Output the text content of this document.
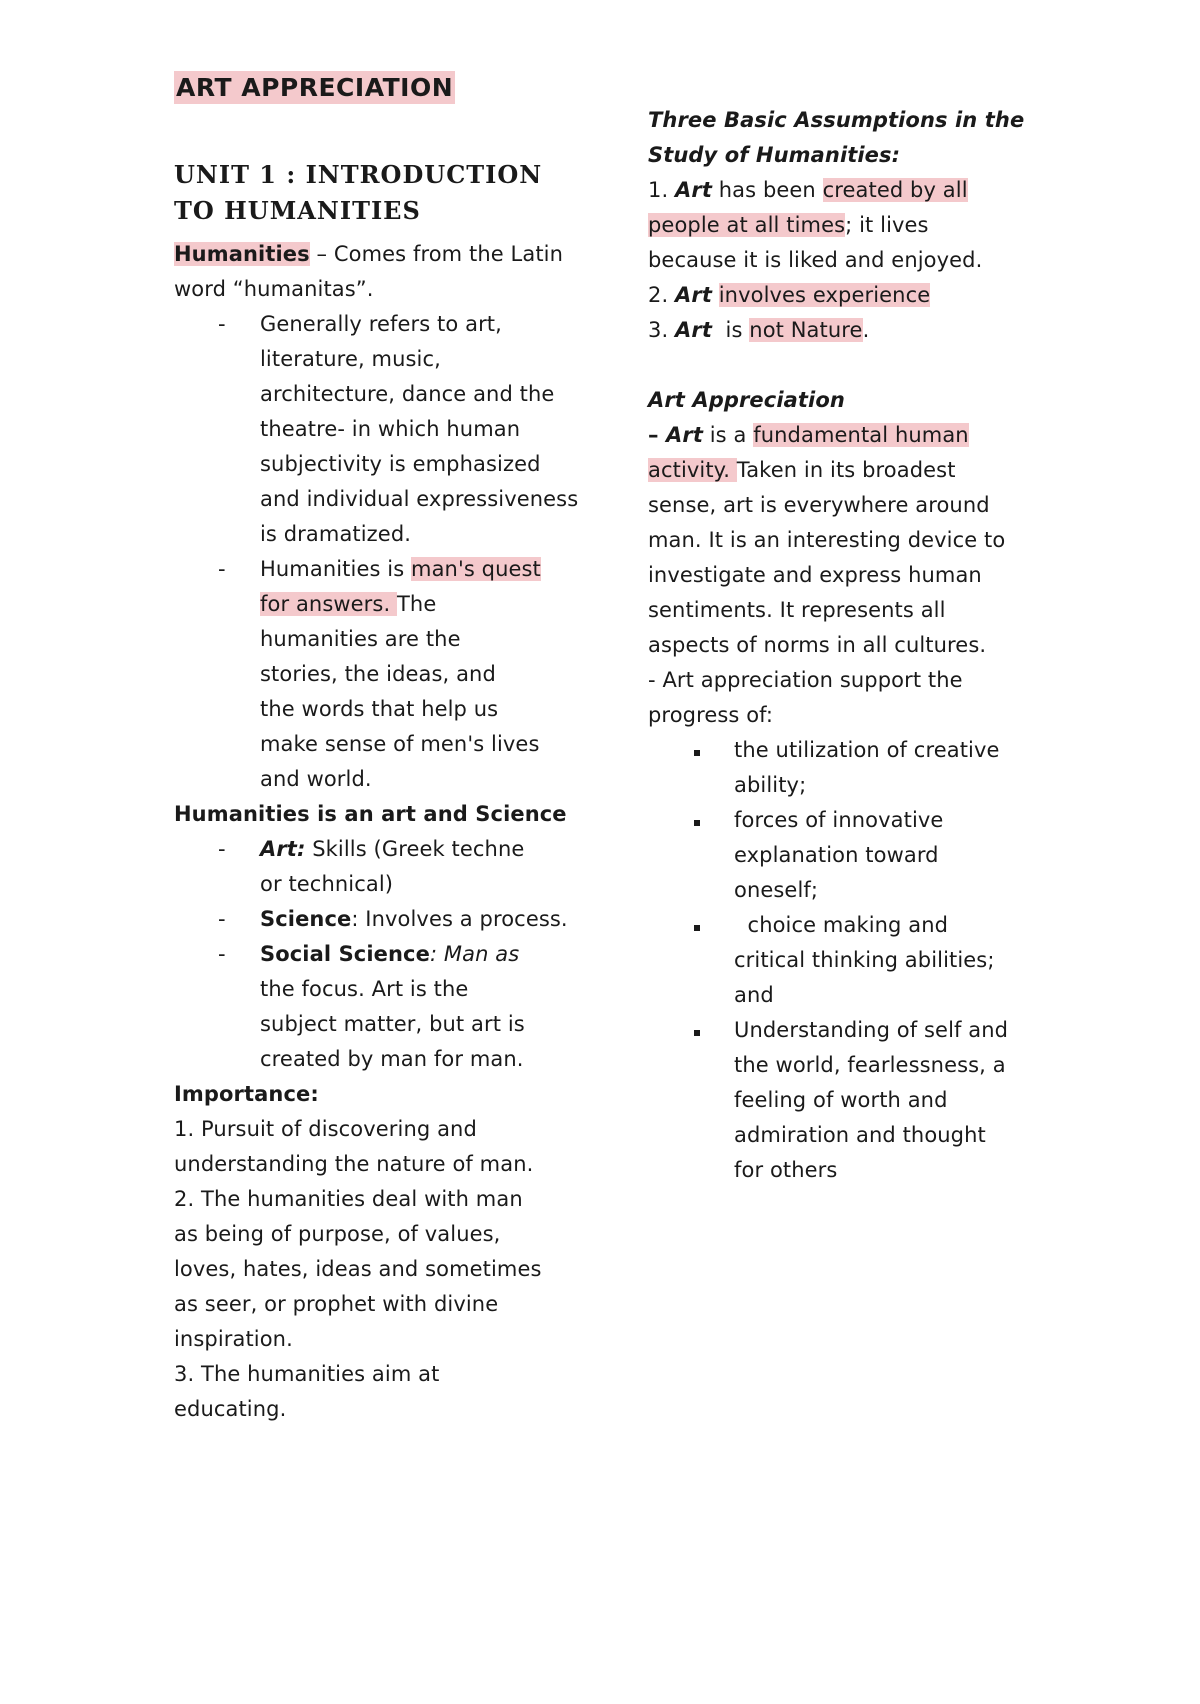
ART APPRECIATION
UNIT 1 : INTRODUCTION
TO HUMANITIES
Humanities – Comes from the Latin
word “humanitas”.
- Generally refers to art,
literature, music,
architecture, dance and the
theatre- in which human
subjectivity is emphasized
and individual expressiveness
is dramatized.
- Humanities is man's quest
for answers. The
humanities are the
stories, the ideas, and
the words that help us
make sense of men's lives
and world.
Humanities is an art and Science
- Art: Skills (Greek techne
or technical)
- Science: Involves a process.
- Social Science: Man as
the focus. Art is the
subject matter, but art is
created by man for man.
Importance:
1. Pursuit of discovering and
understanding the nature of man.
2. The humanities deal with man
as being of purpose, of values,
loves, hates, ideas and sometimes
as seer, or prophet with divine
inspiration.
3. The humanities aim at
educating.
Three Basic Assumptions in the
Study of Humanities:
1. Art has been created by all
people at all times; it lives
because it is liked and enjoyed.
2. Art involves experience
3. Art  is not Nature.
Art Appreciation
– Art is a fundamental human
activity. Taken in its broadest
sense, art is everywhere around
man. It is an interesting device to
investigate and express human
sentiments. It represents all
aspects of norms in all cultures.
- Art appreciation support the
progress of:
the utilization of creative
ability;
forces of innovative
explanation toward
oneself;
choice making and
critical thinking abilities;
and
Understanding of self and
the world, fearlessness, a
feeling of worth and
admiration and thought
for others
